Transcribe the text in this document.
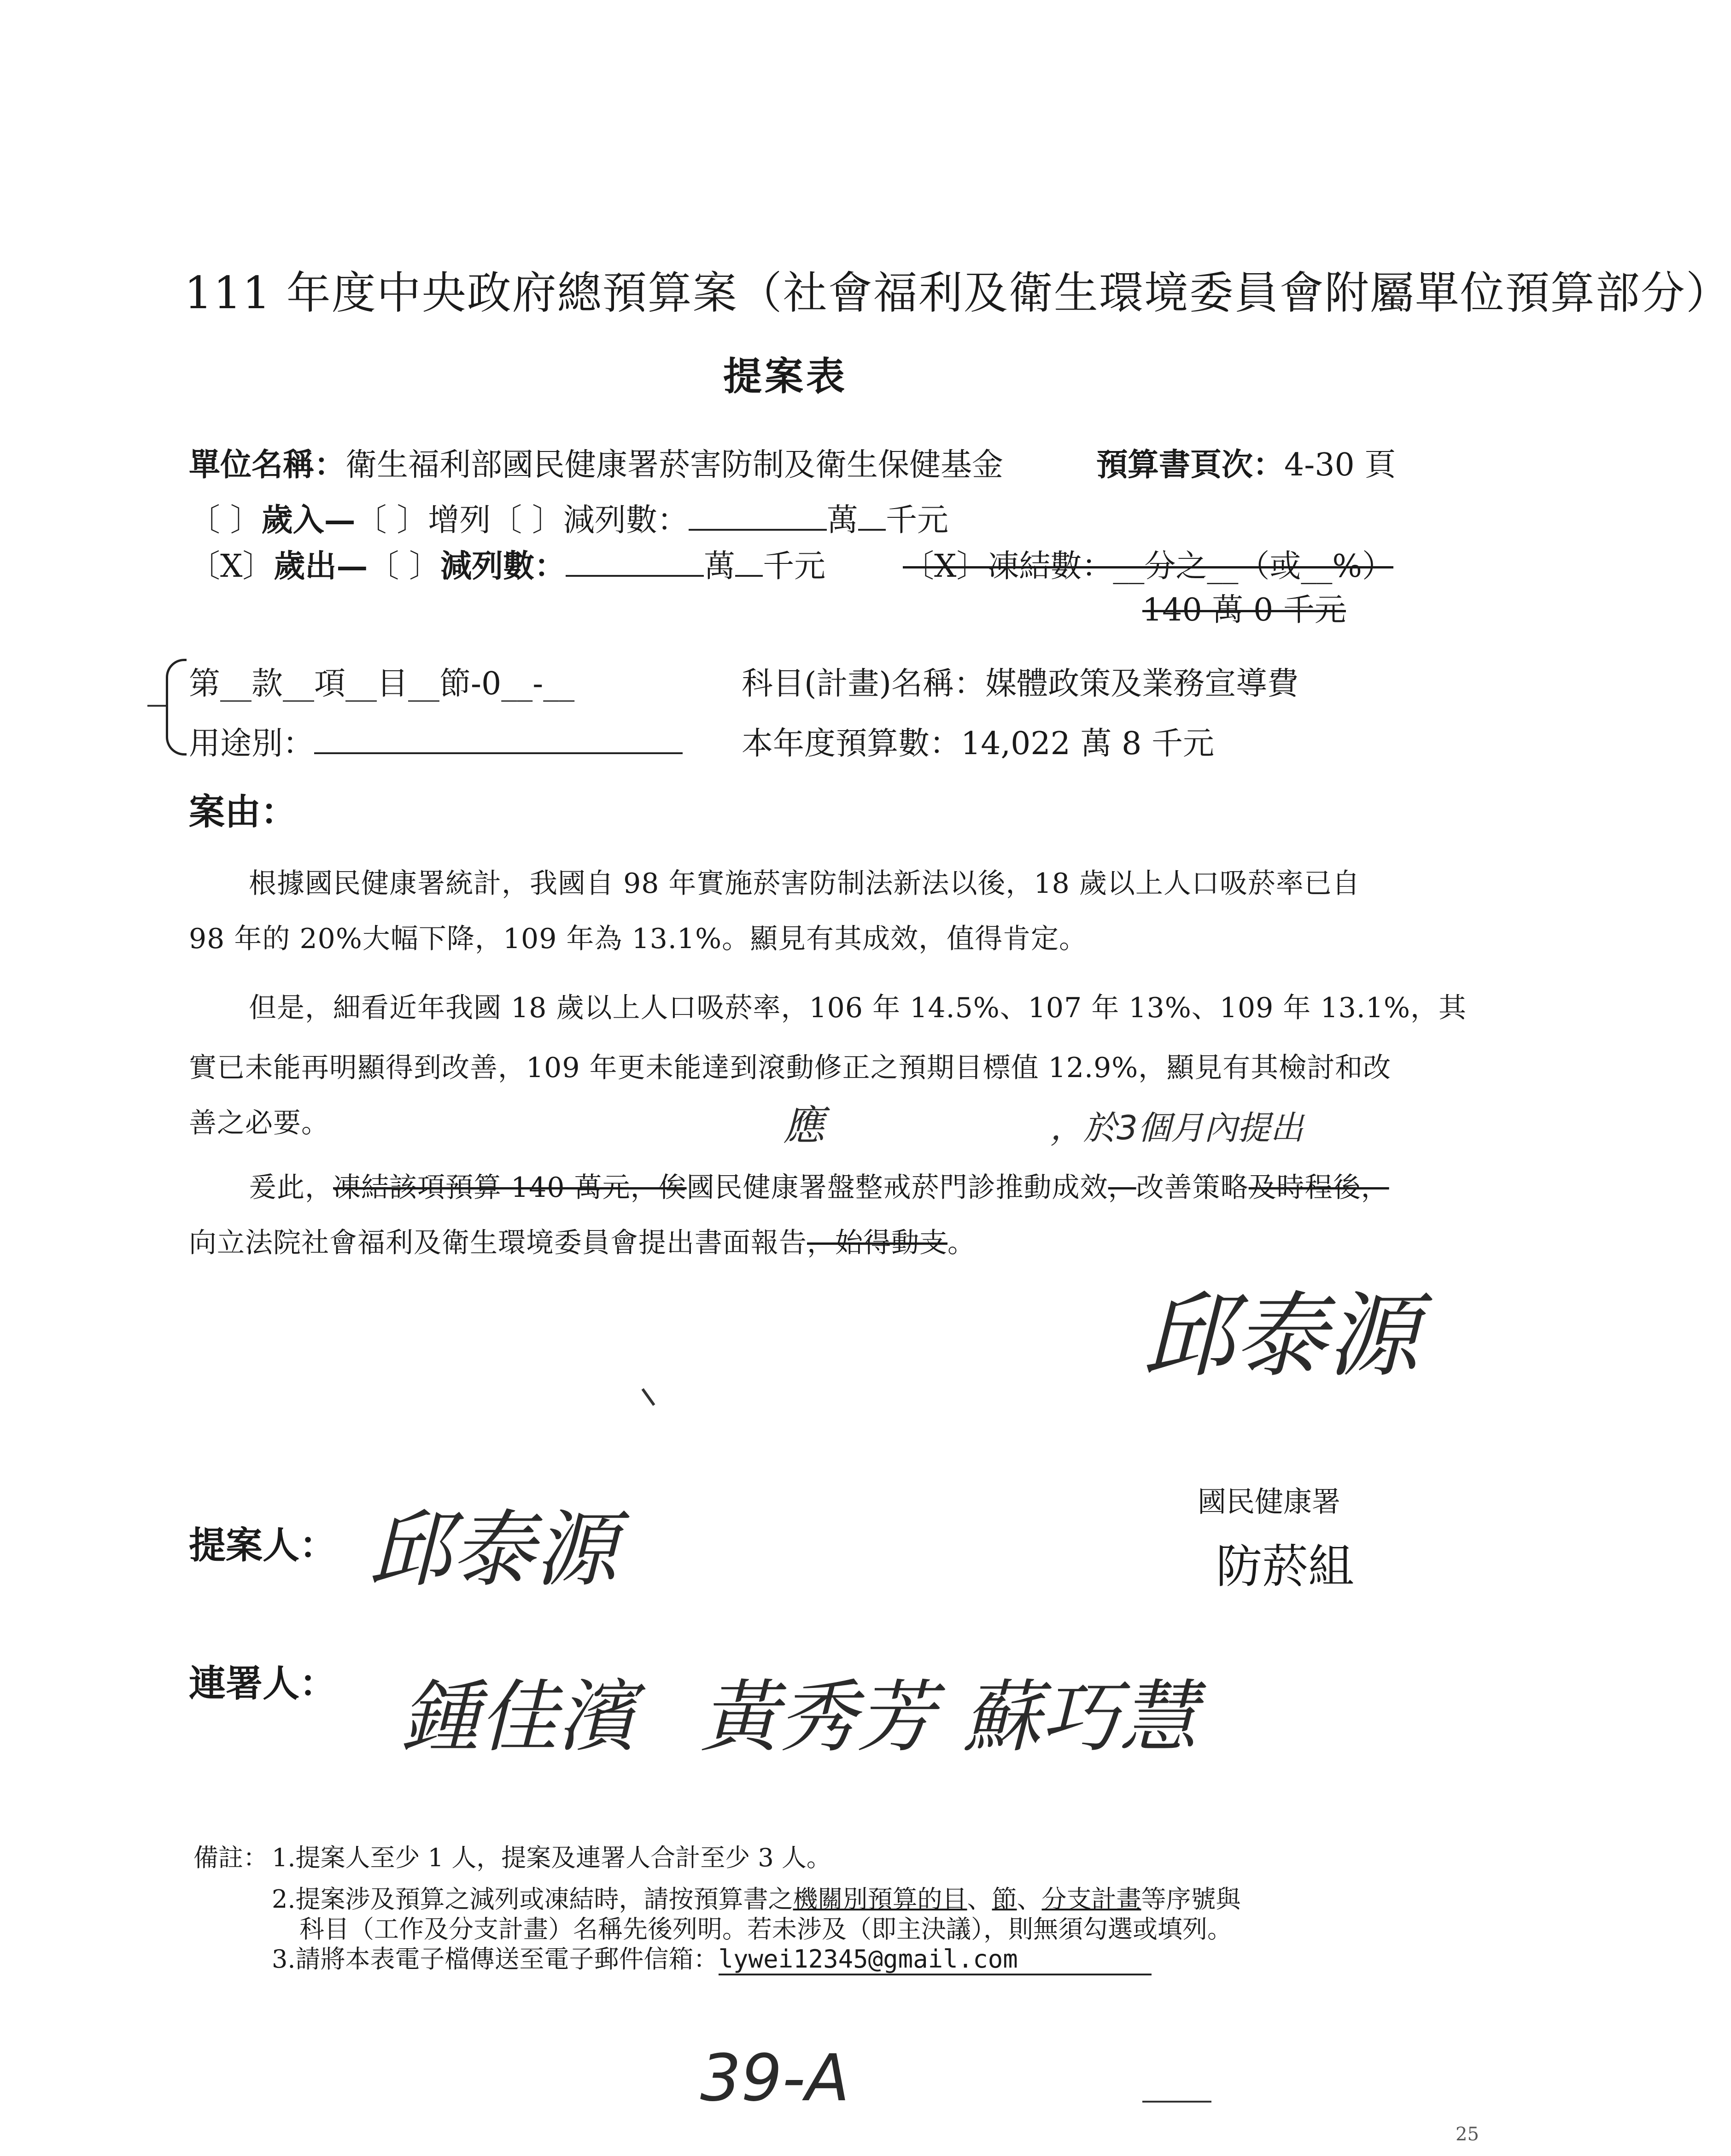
111 年度中央政府總預算案（社會福利及衛生環境委員會附屬單位預算部分）
提案表
單位名稱：衛生福利部國民健康署菸害防制及衛生保健基金	預算書頁次：4-30 頁
〔 〕歲入—〔 〕增列〔 〕減列數：	萬 千元
〔X〕歲出—〔 〕減列數：	萬 千元 〔X〕凍結數：__分之__（或__%）
140 萬 0 千元
第__款__項__目__節-0__-__
用途別：
科目(計畫)名稱：媒體政策及業務宣導費
本年度預算數：14,022 萬 8 千元
案由：
根據國民健康署統計，我國自 98 年實施菸害防制法新法以後，18 歲以上人口吸菸率已自
98 年的 20%大幅下降，109 年為 13.1%。顯見有其成效，值得肯定。
但是，細看近年我國 18 歲以上人口吸菸率，106 年 14.5%、107 年 13%、109 年 13.1%，其
實已未能再明顯得到改善，109 年更未能達到滾動修正之預期目標值 12.9%，顯見有其檢討和改
善之必要。	應	，於3個月內提出
爰此，凍結該項預算 140 萬元，俟國民健康署盤整戒菸門診推動成效，改善策略及時程後，
向立法院社會福利及衛生環境委員會提出書面報告，始得動支。
邱泰源
國民健康署
防菸組
提案人： 邱泰源
連署人： 鍾佳濱 黃秀芳 蘇巧慧
備註： 1.提案人至少 1 人，提案及連署人合計至少 3 人。
2.提案涉及預算之減列或凍結時，請按預算書之機關別預算的目、節、分支計畫等序號與
科目（工作及分支計畫）名稱先後列明。若未涉及（即主決議），則無須勾選或填列。
3.請將本表電子檔傳送至電子郵件信箱：lywei12345@gmail.com
39-A
25
